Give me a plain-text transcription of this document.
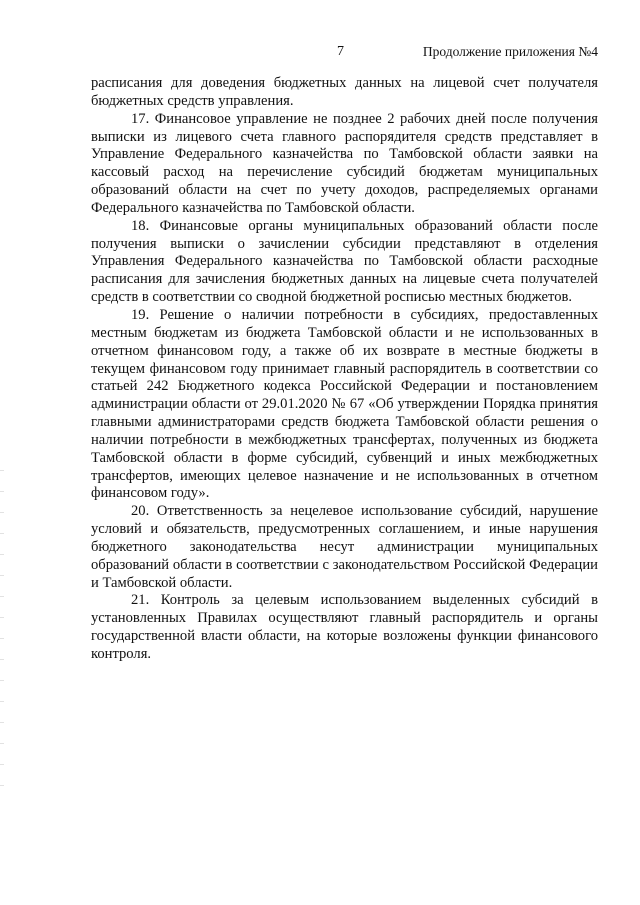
7	Продолжение приложения №4

расписания для доведения бюджетных данных на лицевой счет получателя бюджетных средств управления.

17. Финансовое управление не позднее 2 рабочих дней после получения выписки из лицевого счета главного распорядителя средств представляет в Управление Федерального казначейства по Тамбовской области заявки на кассовый расход на перечисление субсидий бюджетам муниципальных образований области на счет по учету доходов, распределяемых органами Федерального казначейства по Тамбовской области.

18. Финансовые органы муниципальных образований области после получения выписки о зачислении субсидии представляют в отделения Управления Федерального казначейства по Тамбовской области расходные расписания для зачисления бюджетных данных на лицевые счета получателей средств в соответствии со сводной бюджетной росписью местных бюджетов.

19. Решение о наличии потребности в субсидиях, предоставленных местным бюджетам из бюджета Тамбовской области и не использованных в отчетном финансовом году, а также об их возврате в местные бюджеты в текущем финансовом году принимает главный распорядитель в соответствии со статьей 242 Бюджетного кодекса Российской Федерации и постановлением администрации области от 29.01.2020 № 67 «Об утверждении Порядка принятия главными администраторами средств бюджета Тамбовской области решения о наличии потребности в межбюджетных трансфертах, полученных из бюджета Тамбовской области в форме субсидий, субвенций и иных межбюджетных трансфертов, имеющих целевое назначение и не использованных в отчетном финансовом году».

20. Ответственность за нецелевое использование субсидий, нарушение условий и обязательств, предусмотренных соглашением, и иные нарушения бюджетного законодательства несут администрации муниципальных образований области в соответствии с законодательством Российской Федерации и Тамбовской области.

21. Контроль за целевым использованием выделенных субсидий в установленных Правилах осуществляют главный распорядитель и органы государственной власти области, на которые возложены функции финансового контроля.
